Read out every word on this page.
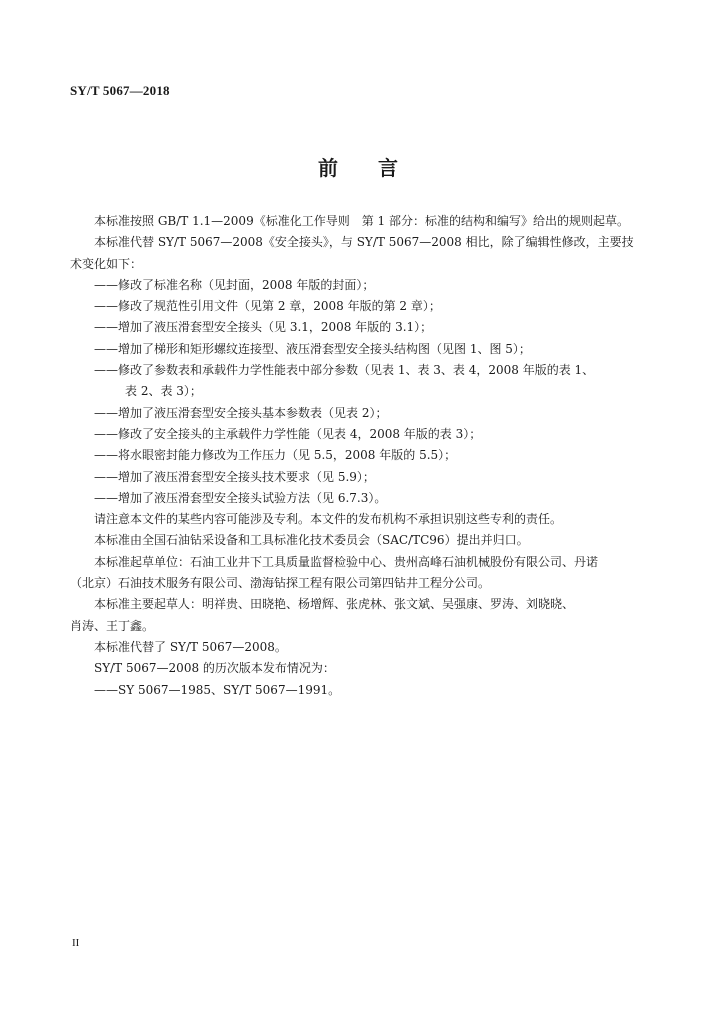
SY/T 5067—2018
前言

本标准按照 GB/T 1.1—2009《标准化工作导则　第 1 部分：标准的结构和编写》给出的规则起草。

本标准代替 SY/T 5067—2008《安全接头》，与 SY/T 5067—2008 相比，除了编辑性修改，主要技

术变化如下：

——修改了标准名称（见封面，2008 年版的封面）；

——修改了规范性引用文件（见第 2 章，2008 年版的第 2 章）；

——增加了液压滑套型安全接头（见 3.1，2008 年版的 3.1）；

——增加了梯形和矩形螺纹连接型、液压滑套型安全接头结构图（见图 1、图 5）；

——修改了参数表和承载件力学性能表中部分参数（见表 1、表 3、表 4，2008 年版的表 1、
表 2、表 3）；

——增加了液压滑套型安全接头基本参数表（见表 2）；

——修改了安全接头的主承载件力学性能（见表 4，2008 年版的表 3）；

——将水眼密封能力修改为工作压力（见 5.5，2008 年版的 5.5）；

——增加了液压滑套型安全接头技术要求（见 5.9）；

——增加了液压滑套型安全接头试验方法（见 6.7.3）。

请注意本文件的某些内容可能涉及专利。本文件的发布机构不承担识别这些专利的责任。

本标准由全国石油钻采设备和工具标准化技术委员会（SAC/TC96）提出并归口。

本标准起草单位：石油工业井下工具质量监督检验中心、贵州高峰石油机械股份有限公司、丹诺

（北京）石油技术服务有限公司、渤海钻探工程有限公司第四钻井工程分公司。

本标准主要起草人：明祥贵、田晓艳、杨增辉、张虎林、张文斌、吴强康、罗涛、刘晓晓、

肖涛、王丁鑫。

本标准代替了 SY/T 5067—2008。

SY/T 5067—2008 的历次版本发布情况为：

——SY 5067—1985、SY/T 5067—1991。

II
